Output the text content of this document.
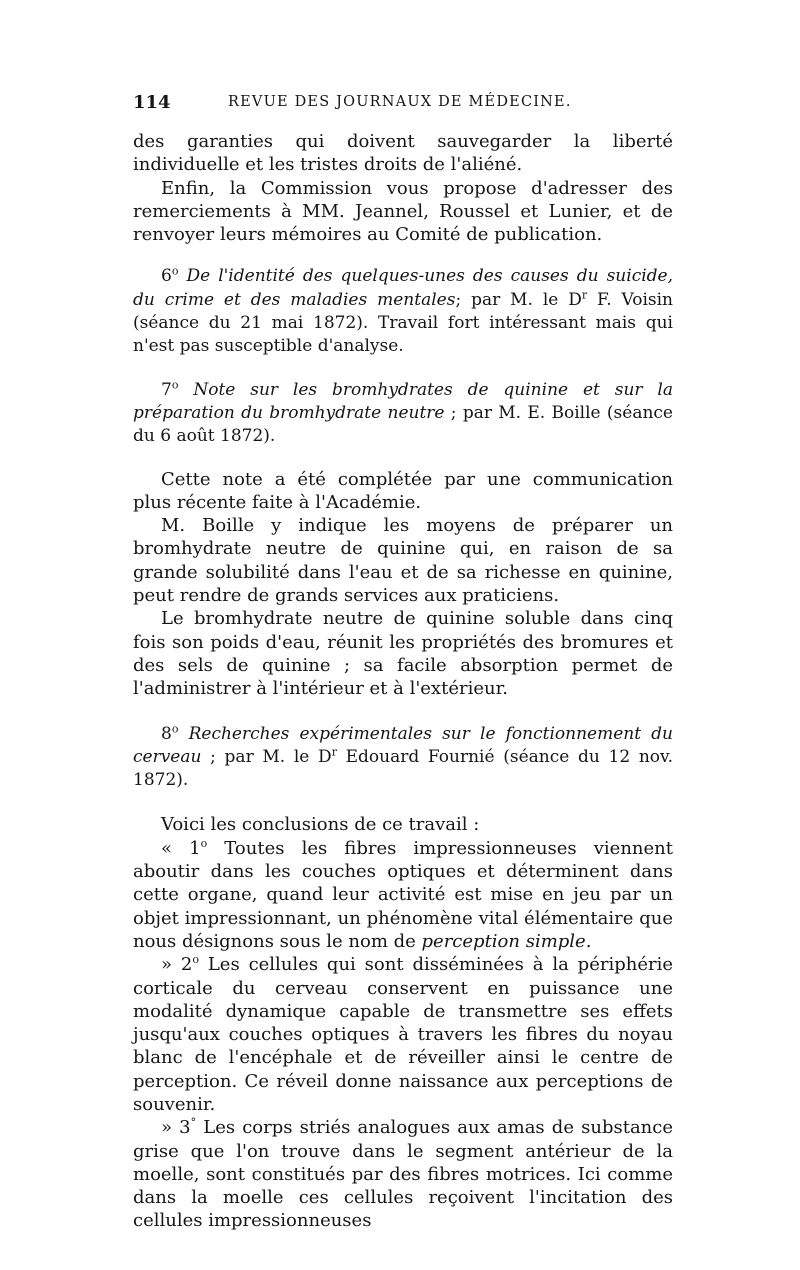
114	REVUE DES JOURNAUX DE MÉDECINE.

des garanties qui doivent sauvegarder la liberté individuelle et les tristes droits de l'aliéné.

Enfin, la Commission vous propose d'adresser des remerciements à MM. Jeannel, Roussel et Lunier, et de renvoyer leurs mémoires au Comité de publication.

6$^o$ De l'identité des quelques-unes des causes du suicide, du crime et des maladies mentales; par M. le $D^r$ F. Voisin (séance du 21 mai 1872). Travail fort intéressant mais qui n'est pas susceptible d'analyse.

7$^o$ Note sur les bromhydrates de quinine et sur la préparation du bromhydrate neutre ; par M. E. Boille (séance du 6 août 1872).

Cette note a été complétée par une communication plus récente faite à l'Académie.

M. Boille y indique les moyens de préparer un bromhydrate neutre de quinine qui, en raison de sa grande solubilité dans l'eau et de sa richesse en quinine, peut rendre de grands services aux praticiens.

Le bromhydrate neutre de quinine soluble dans cinq fois son poids d'eau, réunit les propriétés des bromures et des sels de quinine ; sa facile absorption permet de l'administrer à l'intérieur et à l'extérieur.

8$^o$ Recherches expérimentales sur le fonctionnement du cerveau ; par M. le $D^r$ Edouard Fournié (séance du 12 nov. 1872).

Voici les conclusions de ce travail :

« 1$^o$ Toutes les fibres impressionneuses viennent aboutir dans les couches optiques et déterminent dans cette organe, quand leur activité est mise en jeu par un objet impressionnant, un phénomène vital élémentaire que nous désignons sous le nom de perception simple.

» 2$^o$ Les cellules qui sont disséminées à la périphérie corticale du cerveau conservent en puissance une modalité dynamique capable de transmettre ses effets jusqu'aux couches optiques à travers les fibres du noyau blanc de l'encéphale et de réveiller ainsi le centre de perception. Ce réveil donne naissance aux perceptions de souvenir.

» 3° Les corps striés analogues aux amas de substance grise que l'on trouve dans le segment antérieur de la moelle, sont constitués par des fibres motrices. Ici comme dans la moelle ces cellules reçoivent l'incitation des cellules impressionneuses
